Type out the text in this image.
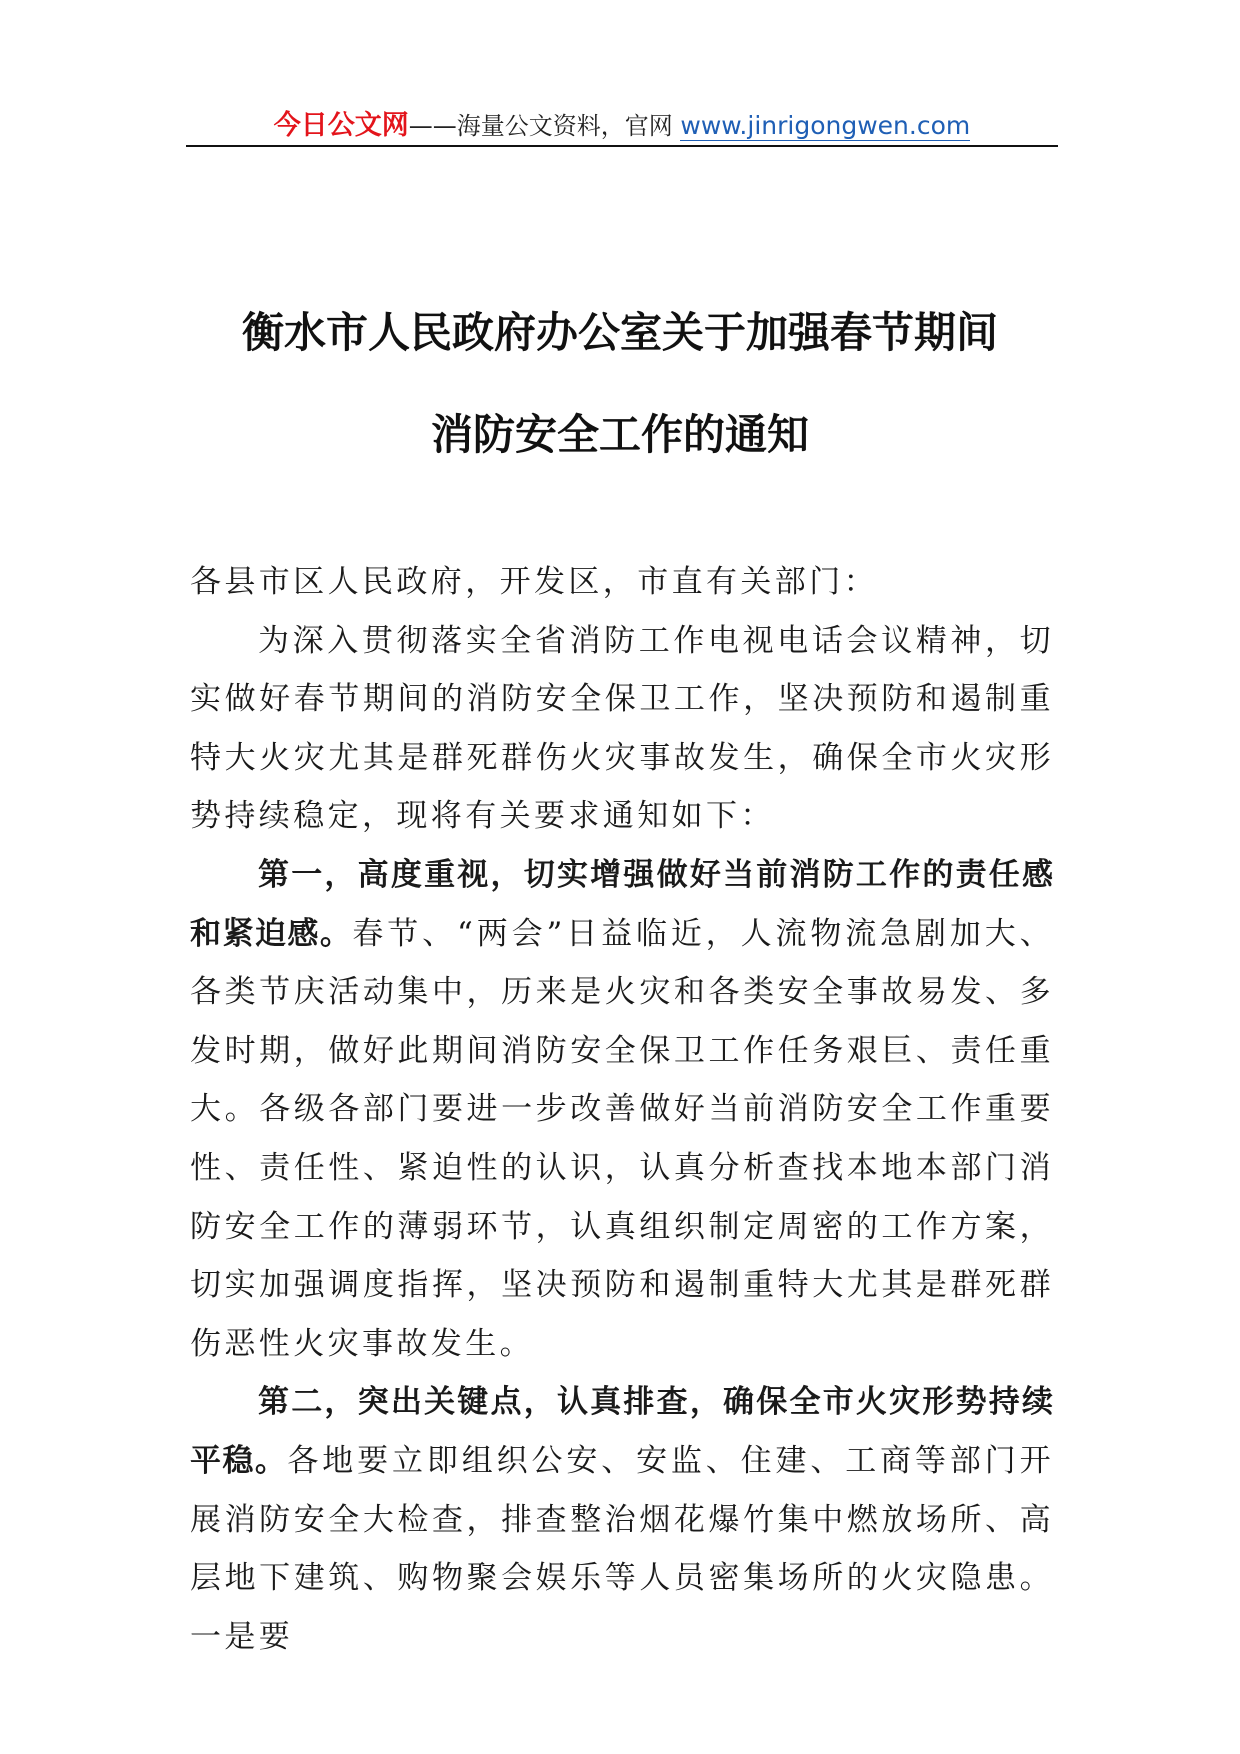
今日公文网——海量公文资料，官网 www.jinrigongwen.com
衡水市人民政府办公室关于加强春节期间
消防安全工作的通知

各县市区人民政府，开发区，市直有关部门：

为深入贯彻落实全省消防工作电视电话会议精神，切实做好春节期间的消防安全保卫工作，坚决预防和遏制重特大火灾尤其是群死群伤火灾事故发生，确保全市火灾形势持续稳定，现将有关要求通知如下：

第一，高度重视，切实增强做好当前消防工作的责任感和紧迫感。春节、“两会”日益临近，人流物流急剧加大、各类节庆活动集中，历来是火灾和各类安全事故易发、多发时期，做好此期间消防安全保卫工作任务艰巨、责任重大。各级各部门要进一步改善做好当前消防安全工作重要性、责任性、紧迫性的认识，认真分析查找本地本部门消防安全工作的薄弱环节，认真组织制定周密的工作方案，切实加强调度指挥，坚决预防和遏制重特大尤其是群死群伤恶性火灾事故发生。

第二，突出关键点，认真排查，确保全市火灾形势持续平稳。各地要立即组织公安、安监、住建、工商等部门开展消防安全大检查，排查整治烟花爆竹集中燃放场所、高层地下建筑、购物聚会娱乐等人员密集场所的火灾隐患。一是要
